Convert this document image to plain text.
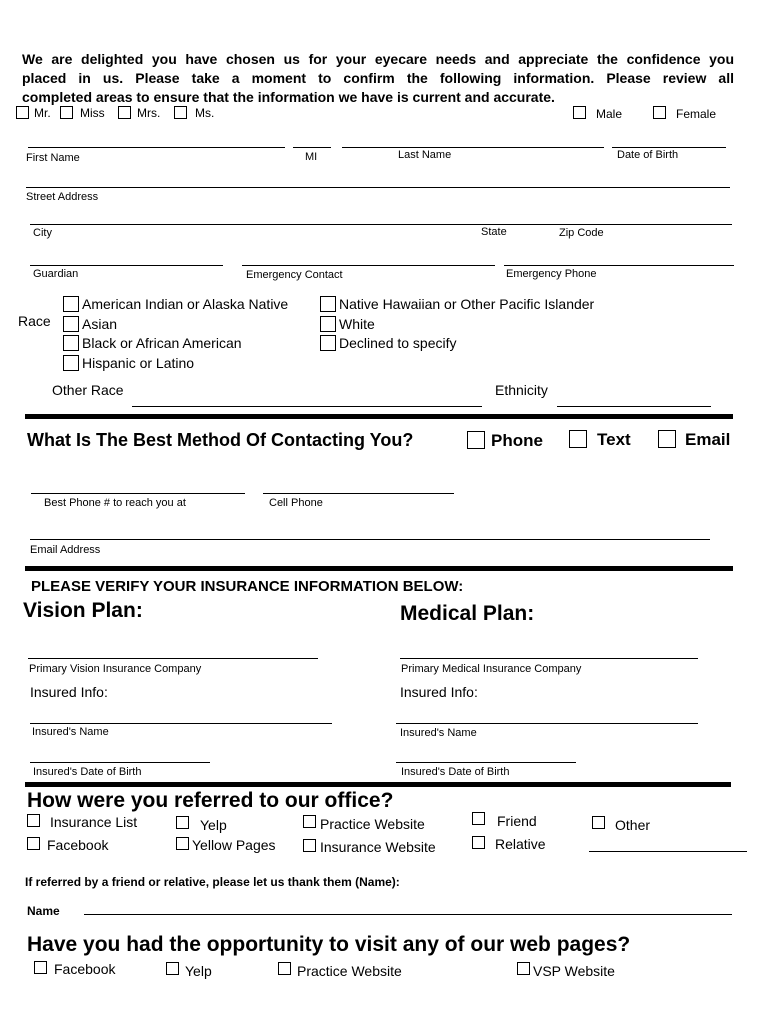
We are delighted you have chosen us for your eyecare needs and appreciate the confidence you
placed in us. Please take a moment to confirm the following information. Please review all
completed areas to ensure that the information we have is current and accurate.
Mr. Miss	Mrs.	Ms.	Male	Female
First Name	MI	Last Name	Date of Birth
Street Address
City	State	Zip Code
Guardian	Emergency Contact	Emergency Phone
Race
American Indian or Alaska Native
Asian
Black or African American
Hispanic or Latino
Native Hawaiian or Other Pacific Islander
White
Declined to specify
Other Race	Ethnicity
What Is The Best Method Of Contacting You?	Phone	Text	Email
Best Phone # to reach you at	Cell Phone
Email Address
PLEASE VERIFY YOUR INSURANCE INFORMATION BELOW:
Vision Plan:	Medical Plan:
Primary Vision Insurance Company	Primary Medical Insurance Company
Insured Info:	Insured Info:
Insured's Name	Insured's Name
Insured's Date of Birth	Insured's Date of Birth
How were you referred to our office?
Insurance List	Yelp	Practice Website	Friend	Other
Facebook	Yellow Pages	Insurance Website	Relative
If referred by a friend or relative, please let us thank them (Name):
Name
Have you had the opportunity to visit any of our web pages?
Facebook	Yelp	Practice Website	VSP Website
